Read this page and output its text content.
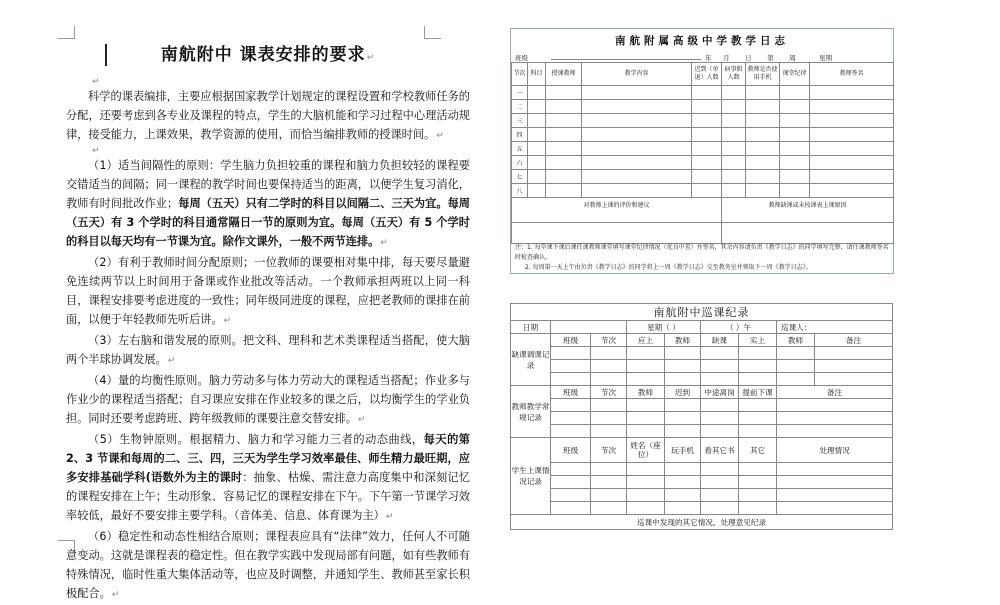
南航附中 课表安排的要求↵
↵

科学的课表编排，主要应根据国家教学计划规定的课程设置和学校教师任务的分配，还要考虑到各专业及课程的特点，学生的大脑机能和学习过程中心理活动规律，接受能力，上课效果，教学资源的使用，而恰当编排教师的授课时间。↵

↵

（1）适当间隔性的原则：学生脑力负担较重的课程和脑力负担较轻的课程要交错适当的间隔；同一课程的教学时间也要保持适当的距离，以便学生复习消化，教师有时间批改作业；每周（五天）只有二学时的科目以间隔二、三天为宜。每周（五天）有 3 个学时的科目通常隔日一节的原则为宜。每周（五天）有 5 个学时的科目以每天均有一节课为宜。除作文课外，一般不两节连排。↵

（2）有利于教师时间分配原则；一位教师的课要相对集中排，每天要尽量避免连续两节以上时间用于备课或作业批改等活动。一个教师承担两班以上同一科目，课程安排要考虑进度的一致性；同年级同进度的课程，应把老教师的课排在前面，以便于年轻教师先听后讲。↵

（3）左右脑和谐发展的原则。把文科、理科和艺术类课程适当搭配，使大脑两个半球协调发展。↵

（4）量的均衡性原则。脑力劳动多与体力劳动大的课程适当搭配；作业多与作业少的课程适当搭配；自习课应安排在作业较多的课之后，以均衡学生的学业负担。同时还要考虑跨班、跨年级教师的课要注意交替安排。↵

（5）生物钟原则。根据精力、脑力和学习能力三者的动态曲线，每天的第 2、3 节课和每周的二、三、四，三天为学生学习效率最佳、师生精力最旺期，应多安排基础学科(语数外为主的课时：抽象、枯燥、需注意力高度集中和深刻记忆的课程安排在上午；生动形象、容易记忆的课程安排在下午。下午第一节课学习效率较低，最好不要安排主要学科。（音体美、信息、体育课为主）↵

（6）稳定性和动态性相结合原则；课程表应具有“法律”效力，任何人不可随意变动。这就是课程表的稳定性。但在教学实践中发现局部有问题，如有些教师有特殊情况，临时性重大集体活动等，也应及时调整，并通知学生、教师甚至家长积极配合。↵

南航附属高级中学教学日志
班级	年 月 日 第 周	星期
节次	科目	授课教师	教学内容	迟到（单退）人数	病事假人数	教师是否使用手机	课堂纪律	教师签名
一								
二								
三								
四								
五								
六								
七								
八								
对教师上课的评价和建议					教师缺课或未按课表上课原因			

注：1. 每堂课下课后课任课教师课堂填写课堂纪律情况（优良中差）并签名，其余内容请负责《教学日志》的同学填写完整，请任课教师签名时检查确认。
2. 每周第一天上午由负责《教学日志》的同学将上一周《教学日志》交至教务室并领取下一周《教学日志》。
南航附中巡课纪录								
日期			星期（ ）		（ ）午		巡课人：	
缺课调课记录	班级	节次	应上	教师	缺课	实上	教师	备注

教师教学常规记录	班级	节次	教师	迟到	中途离岗	提前下课	备注	

学生上课情况记录	班级	节次	姓名（座位）	玩手机	看其它书	其它	处理情况	

巡课中发现的其它情况、处理意见纪录								
